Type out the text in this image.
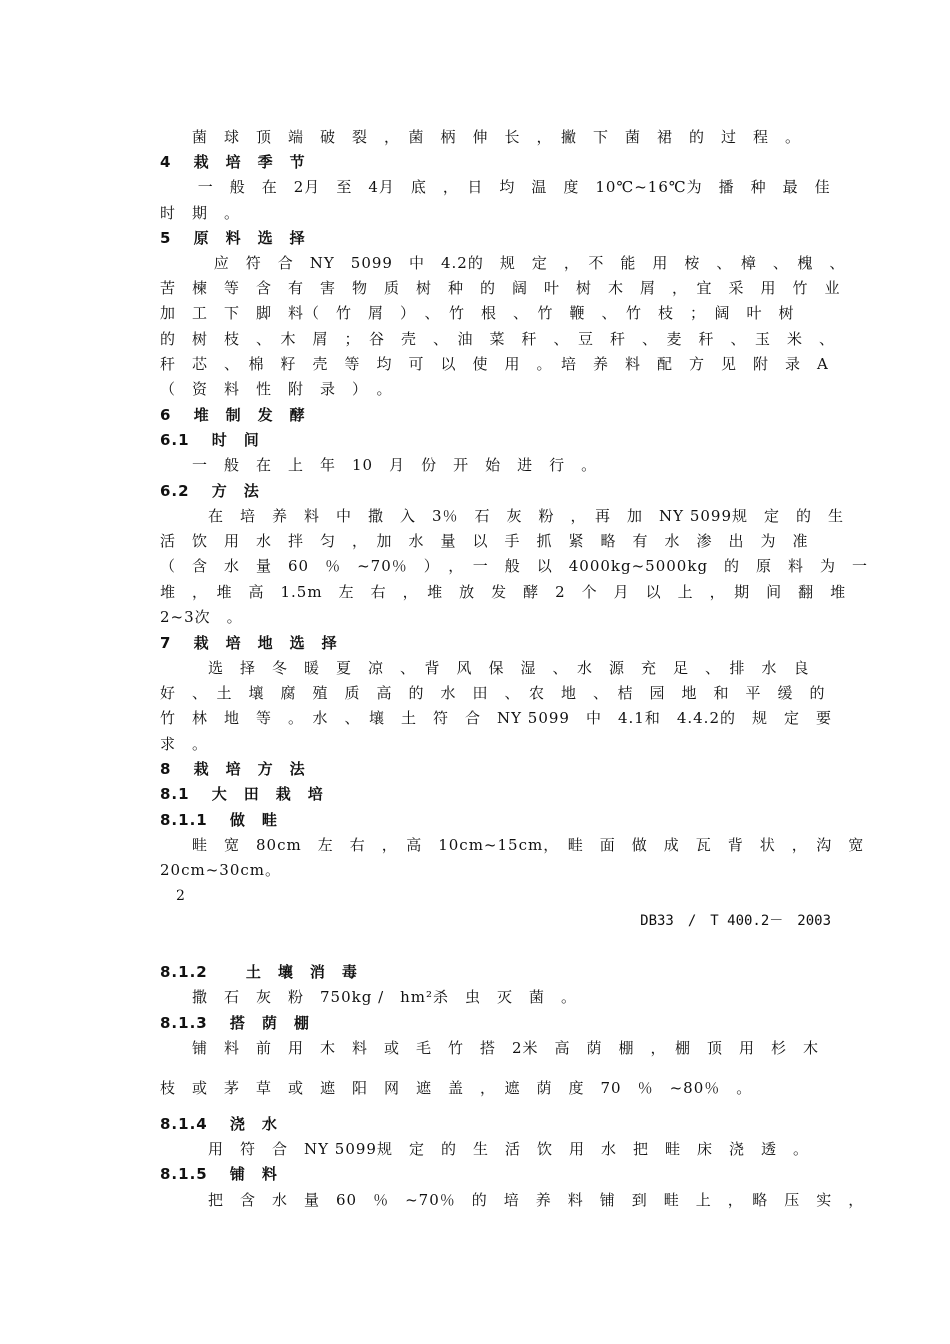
　　菌　球　顶　端　破　裂　，　菌　柄　伸　长　，　撇　下　菌　裙　的　过　程　。
4　 栽　培　季　节
　　 一　般　在　2月　至　4月　底　，　日　均　温　度　10℃~16℃为　播　种　最　佳
时　期　。
5　 原　料　选　择
　　　 应　符　合　NY　5099　中　4.2的　规　定　，　不　能　用　桉　、　樟　、　槐　、
苦　楝　等　含　有　害　物　质　树　种　的　阔　叶　树　木　屑　，　宜　采　用　竹　业
加　工　下　脚　料（　竹　屑　）　、　竹　根　、　竹　鞭　、　竹　枝　；　阔　叶　树
的　树　枝　、　木　屑　；　谷　壳　、　油　菜　秆　、　豆　秆　、　麦　秆　、　玉　米　、
秆　芯　、　棉　籽　壳　等　均　可　以　使　用　。　培　养　料　配　方　见　附　录　A
（　资　料　性　附　录　）　。
6　 堆　制　发　酵
6.1　 时　间
　　一　般　在　上　年　10　月　份　开　始　进　行　。
6.2　 方　法
　　　在　培　养　料　中　撒　入　3％　石　灰　粉　，　再　加　NY 5099规　定　的　生
活　饮　用　水　拌　匀　，　加　水　量　以　手　抓　紧　略　有　水　渗　出　为　准
（　含　水　量　60　％　~70％　）　，　一　般　以　4000kg~5000kg　的　原　料　为　一
堆　，　堆　高　1.5m　左　右　，　堆　放　发　酵　2　个　月　以　上　，　期　间　翻　堆
2~3次　。
7　 栽　培　地　选　择
　　　选　择　冬　暖　夏　凉　、　背　风　保　湿　、　水　源　充　足　、　排　水　良
好　、　土　壤　腐　殖　质　高　的　水　田　、　农　地　、　桔　园　地　和　平　缓　的
竹　林　地　等　。　水　、　壤　土　符　合　NY 5099　中　4.1和　4.4.2的　规　定　要
求　。
8　 栽　培　方　法
8.1　 大　田　栽　培
8.1.1　 做　畦
　　畦　宽　80cm　左　右　，　高　10cm~15cm，　畦　面　做　成　瓦　背　状　，　沟　宽
20cm~30cm。
2
DB33　/　T 400.2－　2003
8.1.2　　 土　壤　消　毒
　　撒　石　灰　粉　750kg /　hm²杀　虫　灭　菌　。
8.1.3　 搭　荫　棚
　　铺　料　前　用　木　料　或　毛　竹　搭　2米　高　荫　棚　，　棚　顶　用　杉　木
枝　或　茅　草　或　遮　阳　网　遮　盖　，　遮　荫　度　70　％　~80％　。
8.1.4　 浇　水
　　　用　符　合　NY 5099规　定　的　生　活　饮　用　水　把　畦　床　浇　透　。
8.1.5　 铺　料
　　　把　含　水　量　60　％　~70％　的　培　养　料　铺　到　畦　上　，　略　压　实　，
